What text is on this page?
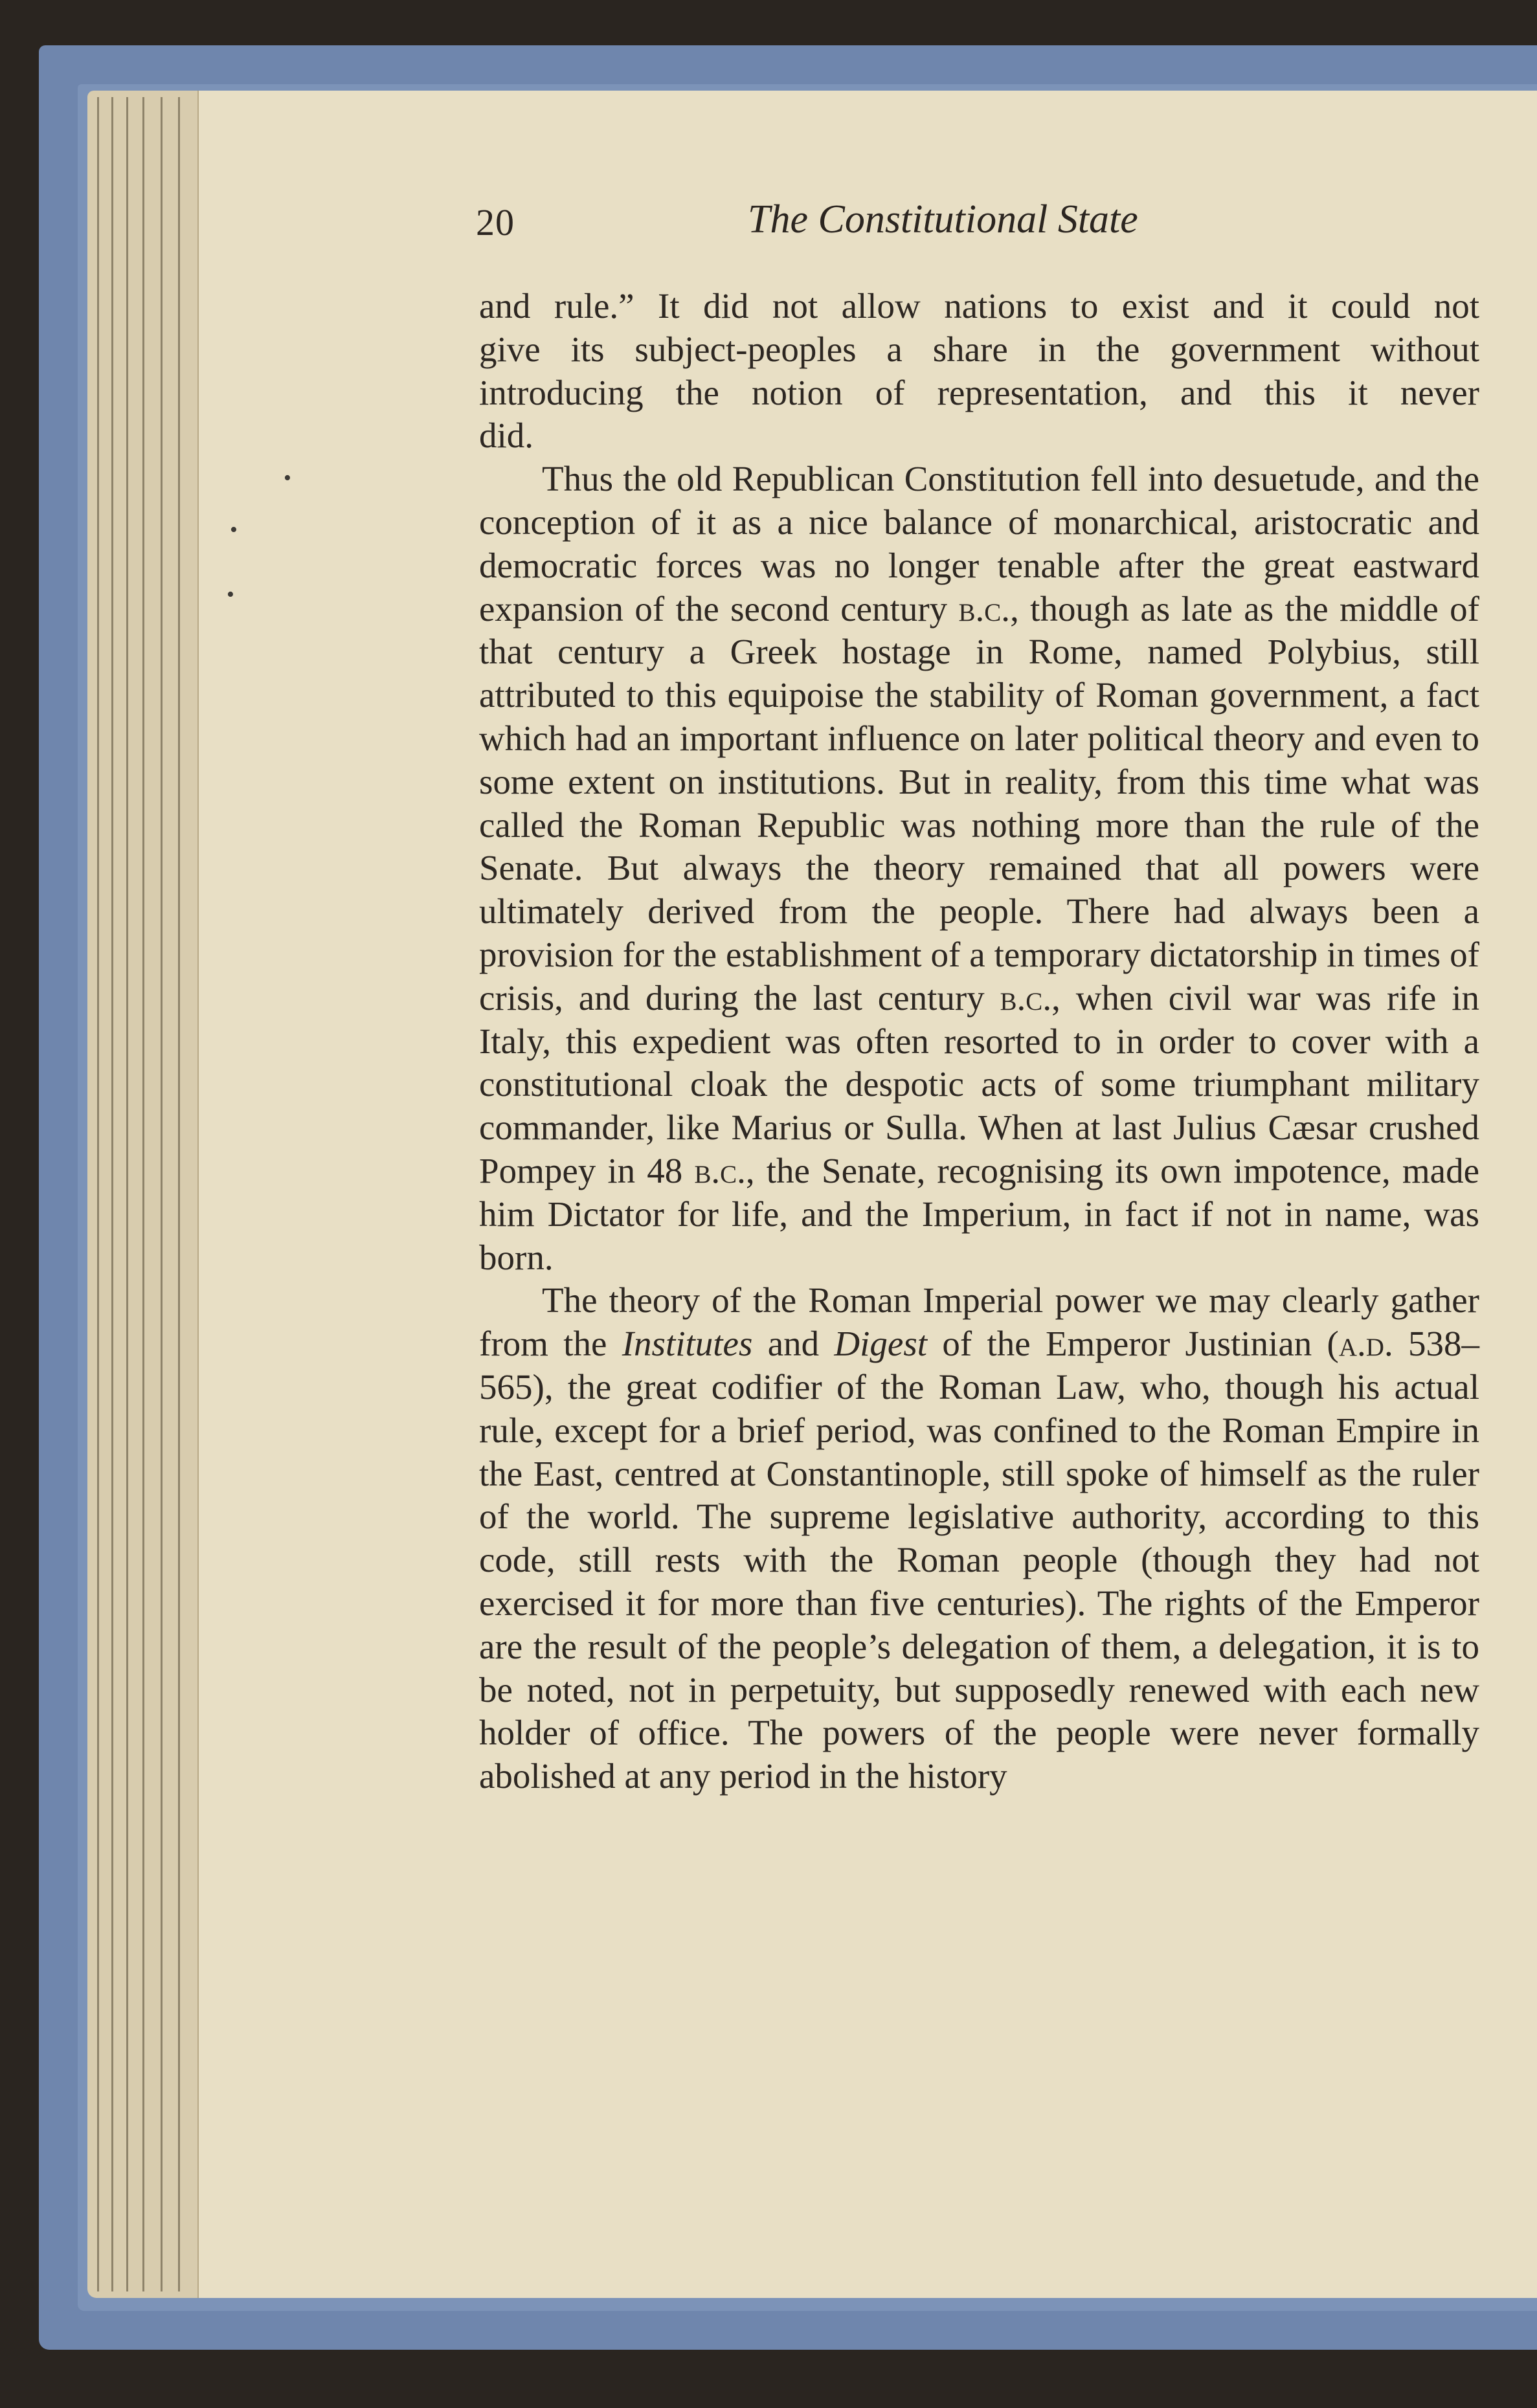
•
•
•
20	The Constitutional State
and rule.” It did not allow nations to exist and it could not
give its subject-peoples a share in the government without
introducing the notion of representation, and this it never
did.

Thus the old Republican Constitution fell into desuetude, and the conception of it as a nice balance of monarchical, aristocratic and democratic forces was no longer tenable after the great eastward expansion of the second century b.c., though as late as the middle of that century a Greek hostage in Rome, named Polybius, still attributed to this equipoise the stability of Roman government, a fact which had an important influence on later political theory and even to some extent on institutions. But in reality, from this time what was called the Roman Republic was nothing more than the rule of the Senate. But always the theory remained that all powers were ultimately derived from the people. There had always been a provision for the establishment of a temporary dictatorship in times of crisis, and during the last century b.c., when civil war was rife in Italy, this expedient was often resorted to in order to cover with a constitutional cloak the despotic acts of some triumphant military commander, like Marius or Sulla. When at last Julius Cæsar crushed Pompey in 48 b.c., the Senate, recognising its own impotence, made him Dictator for life, and the Imperium, in fact if not in name, was born.

The theory of the Roman Imperial power we may clearly gather from the Institutes and Digest of the Emperor Justinian (a.d. 538–565), the great codifier of the Roman Law, who, though his actual rule, except for a brief period, was confined to the Roman Empire in the East, centred at Constantinople, still spoke of himself as the ruler of the world. The supreme legislative authority, according to this code, still rests with the Roman people (though they had not exercised it for more than five centuries). The rights of the Emperor are the result of the people’s delegation of them, a delegation, it is to be noted, not in perpetuity, but supposedly renewed with each new holder of office. The powers of the people were never formally abolished at any period in the history
